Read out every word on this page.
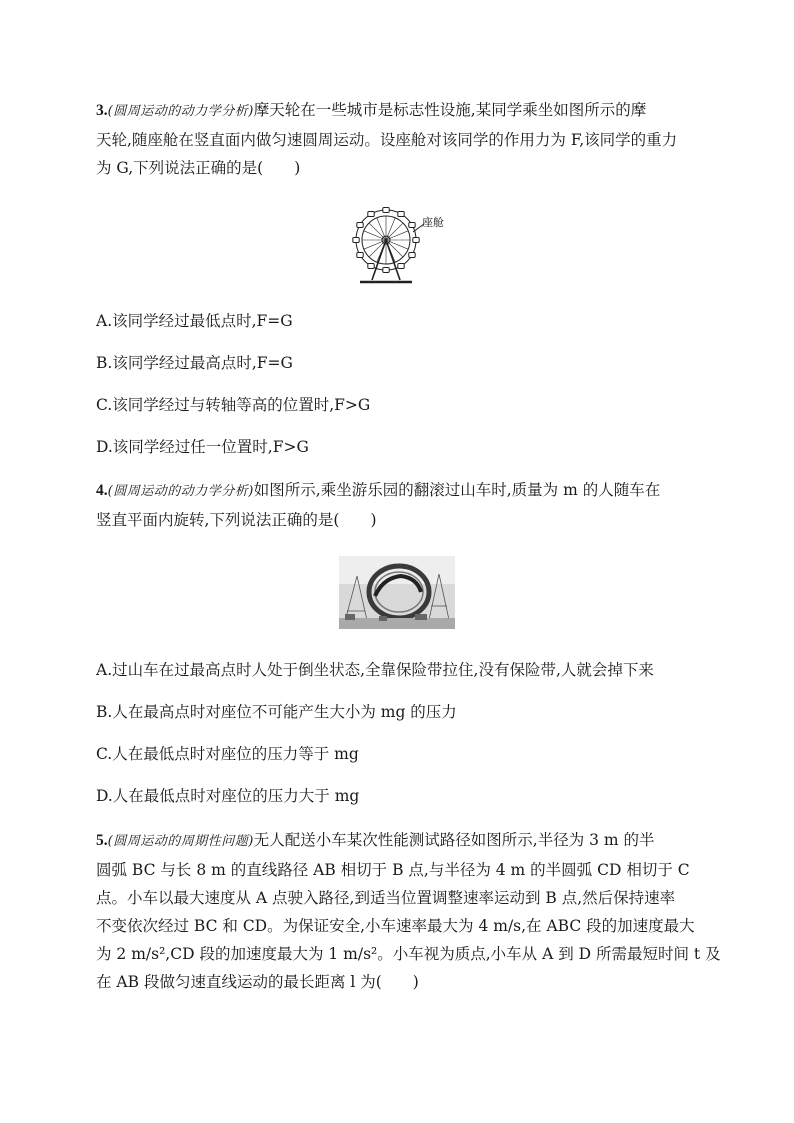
3.(圆周运动的动力学分析)摩天轮在一些城市是标志性设施,某同学乘坐如图所示的摩
天轮,随座舱在竖直面内做匀速圆周运动。设座舱对该同学的作用力为 F,该同学的重力
为 G,下列说法正确的是(　　)
座舱
A.该同学经过最低点时,F=G
B.该同学经过最高点时,F=G
C.该同学经过与转轴等高的位置时,F>G
D.该同学经过任一位置时,F>G
4.(圆周运动的动力学分析)如图所示,乘坐游乐园的翻滚过山车时,质量为 m 的人随车在
竖直平面内旋转,下列说法正确的是(　　)
A.过山车在过最高点时人处于倒坐状态,全靠保险带拉住,没有保险带,人就会掉下来
B.人在最高点时对座位不可能产生大小为 mg 的压力
C.人在最低点时对座位的压力等于 mg
D.人在最低点时对座位的压力大于 mg
5.(圆周运动的周期性问题)无人配送小车某次性能测试路径如图所示,半径为 3 m 的半
圆弧 BC 与长 8 m 的直线路径 AB 相切于 B 点,与半径为 4 m 的半圆弧 CD 相切于 C
点。小车以最大速度从 A 点驶入路径,到适当位置调整速率运动到 B 点,然后保持速率
不变依次经过 BC 和 CD。为保证安全,小车速率最大为 4 m/s,在 ABC 段的加速度最大
为 2 m/s²,CD 段的加速度最大为 1 m/s²。小车视为质点,小车从 A 到 D 所需最短时间 t 及
在 AB 段做匀速直线运动的最长距离 l 为(　　)
